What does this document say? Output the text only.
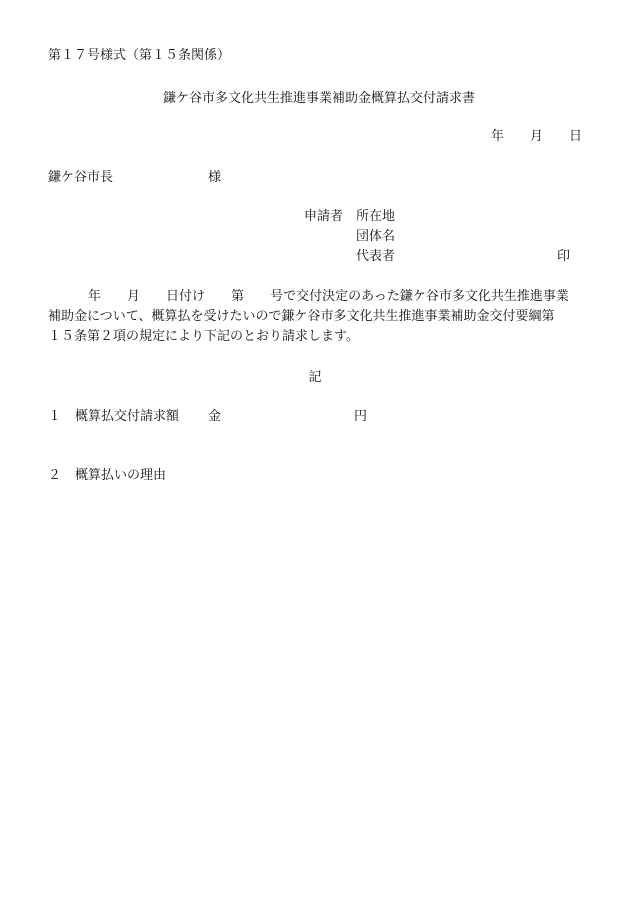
第１７号様式（第１５条関係）
鎌ケ谷市多文化共生推進事業補助金概算払交付請求書
年 月 日
鎌ケ谷市長	様
申請者 所在地
団体名
代表者	印
年 月 日付け 第 号で交付決定のあった鎌ケ谷市多文化共生推進事業
補助金について、概算払を受けたいので鎌ケ谷市多文化共生推進事業補助金交付要綱第
１５条第２項の規定により下記のとおり請求します。
記
１ 概算払交付請求額 金	円
２ 概算払いの理由
